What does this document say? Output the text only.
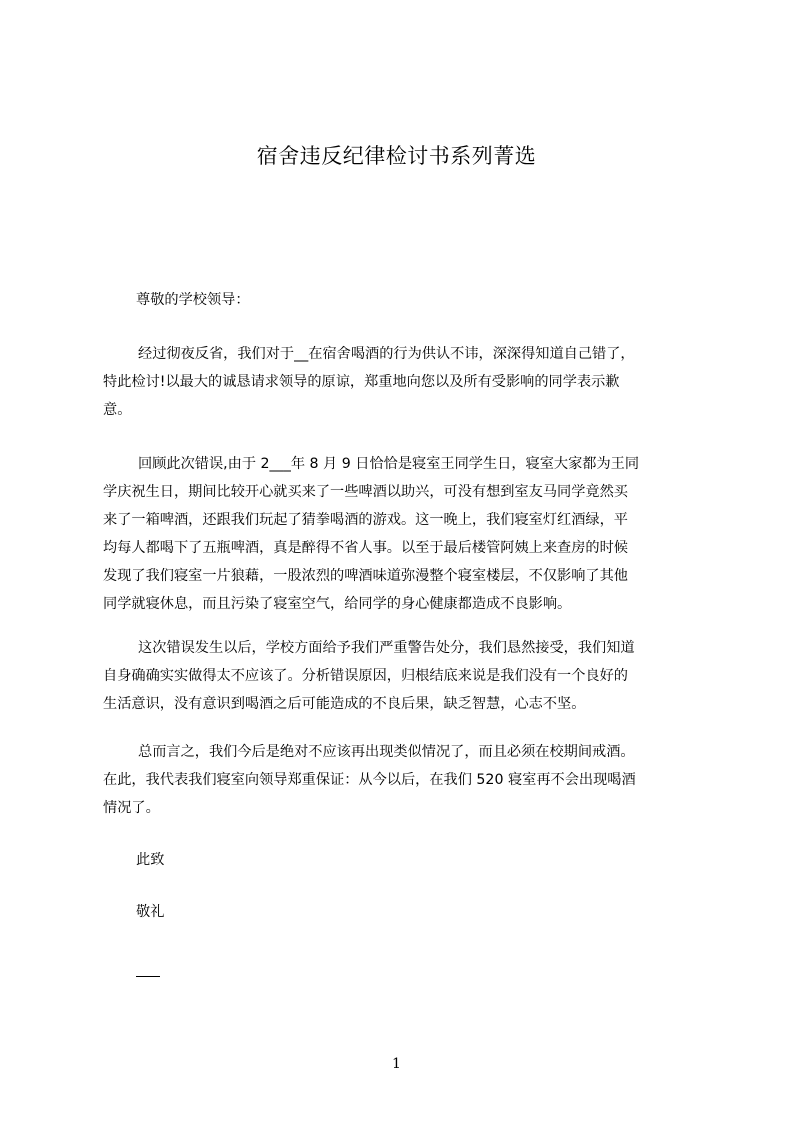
宿舍违反纪律检讨书系列菁选
尊敬的学校领导：
经过彻夜反省，我们对于__在宿舍喝酒的行为供认不讳，深深得知道自己错了，
特此检讨!以最大的诚恳请求领导的原谅，郑重地向您以及所有受影响的同学表示歉
意。
回顾此次错误,由于 2___年 8 月 9 日恰恰是寝室王同学生日，寝室大家都为王同
学庆祝生日，期间比较开心就买来了一些啤酒以助兴，可没有想到室友马同学竟然买
来了一箱啤酒，还跟我们玩起了猜拳喝酒的游戏。这一晚上，我们寝室灯红酒绿，平
均每人都喝下了五瓶啤酒，真是醉得不省人事。以至于最后楼管阿姨上来查房的时候
发现了我们寝室一片狼藉，一股浓烈的啤酒味道弥漫整个寝室楼层，不仅影响了其他
同学就寝休息，而且污染了寝室空气，给同学的身心健康都造成不良影响。
这次错误发生以后，学校方面给予我们严重警告处分，我们恳然接受，我们知道
自身确确实实做得太不应该了。分析错误原因，归根结底来说是我们没有一个良好的
生活意识，没有意识到喝酒之后可能造成的不良后果，缺乏智慧，心志不坚。
总而言之，我们今后是绝对不应该再出现类似情况了，而且必须在校期间戒酒。
在此，我代表我们寝室向领导郑重保证：从今以后，在我们 520 寝室再不会出现喝酒
情况了。
此致
敬礼
1
